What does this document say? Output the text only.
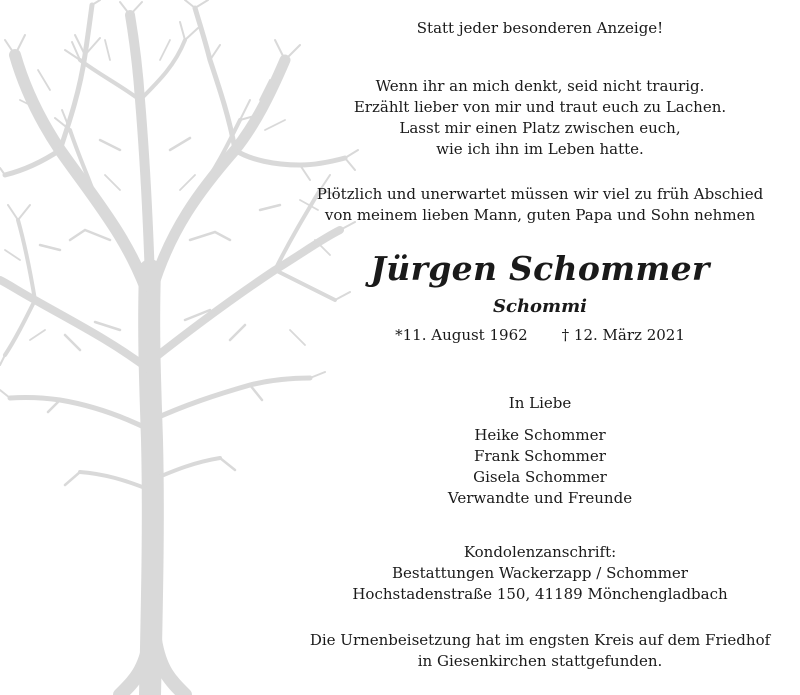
Statt jeder besonderen Anzeige!
Wenn ihr an mich denkt, seid nicht traurig.
Erzählt lieber von mir und traut euch zu Lachen.
Lasst mir einen Platz zwischen euch,
wie ich ihn im Leben hatte.
Plötzlich und unerwartet müssen wir viel zu früh Abschied
von meinem lieben Mann, guten Papa und Sohn nehmen
Jürgen Schommer
Schommi
*11. August 1962 † 12. März 2021
In Liebe
Heike Schommer
Frank Schommer
Gisela Schommer
Verwandte und Freunde
Kondolenzanschrift:
Bestattungen Wackerzapp / Schommer
Hochstadenstraße 150, 41189 Mönchengladbach
Die Urnenbeisetzung hat im engsten Kreis auf dem Friedhof
in Giesenkirchen stattgefunden.
